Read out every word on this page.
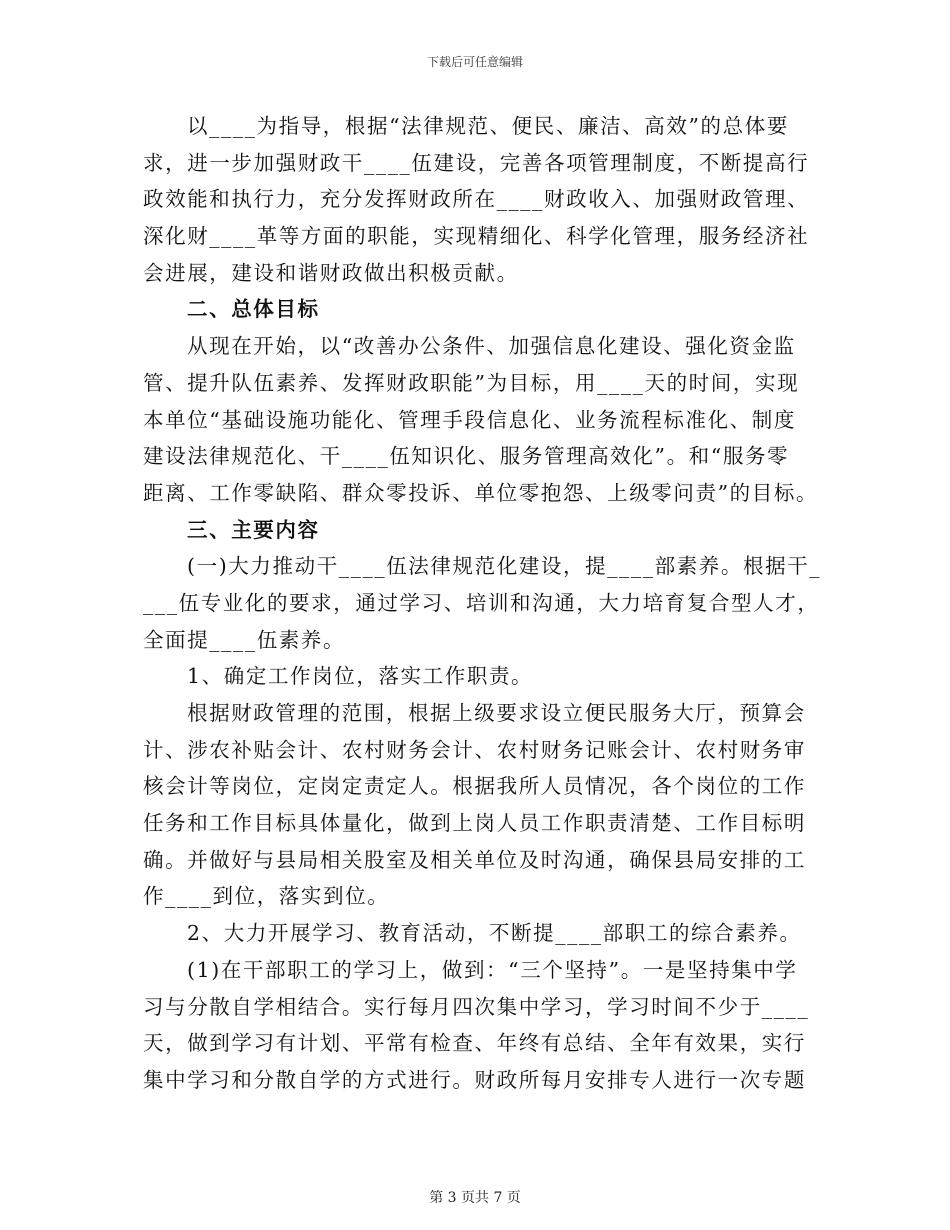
下载后可任意编辑
以____为指导，根据“法律规范、便民、廉洁、高效”的总体要
求，进一步加强财政干____伍建设，完善各项管理制度，不断提高行
政效能和执行力，充分发挥财政所在____财政收入、加强财政管理、
深化财____革等方面的职能，实现精细化、科学化管理，服务经济社
会进展，建设和谐财政做出积极贡献。
二、总体目标
从现在开始，以“改善办公条件、加强信息化建设、强化资金监
管、提升队伍素养、发挥财政职能”为目标，用____天的时间，实现
本单位“基础设施功能化、管理手段信息化、业务流程标准化、制度
建设法律规范化、干____伍知识化、服务管理高效化”。和“服务零
距离、工作零缺陷、群众零投诉、单位零抱怨、上级零问责”的目标。
三、主要内容
(一)大力推动干____伍法律规范化建设，提____部素养。根据干_
___伍专业化的要求，通过学习、培训和沟通，大力培育复合型人才，
全面提____伍素养。
1、确定工作岗位，落实工作职责。
根据财政管理的范围，根据上级要求设立便民服务大厅，预算会
计、涉农补贴会计、农村财务会计、农村财务记账会计、农村财务审
核会计等岗位，定岗定责定人。根据我所人员情况，各个岗位的工作
任务和工作目标具体量化，做到上岗人员工作职责清楚、工作目标明
确。并做好与县局相关股室及相关单位及时沟通，确保县局安排的工
作____到位，落实到位。
2、大力开展学习、教育活动，不断提____部职工的综合素养。
(1)在干部职工的学习上，做到：“三个坚持”。一是坚持集中学
习与分散自学相结合。实行每月四次集中学习，学习时间不少于____
天，做到学习有计划、平常有检查、年终有总结、全年有效果，实行
集中学习和分散自学的方式进行。财政所每月安排专人进行一次专题
第 3 页共 7 页
